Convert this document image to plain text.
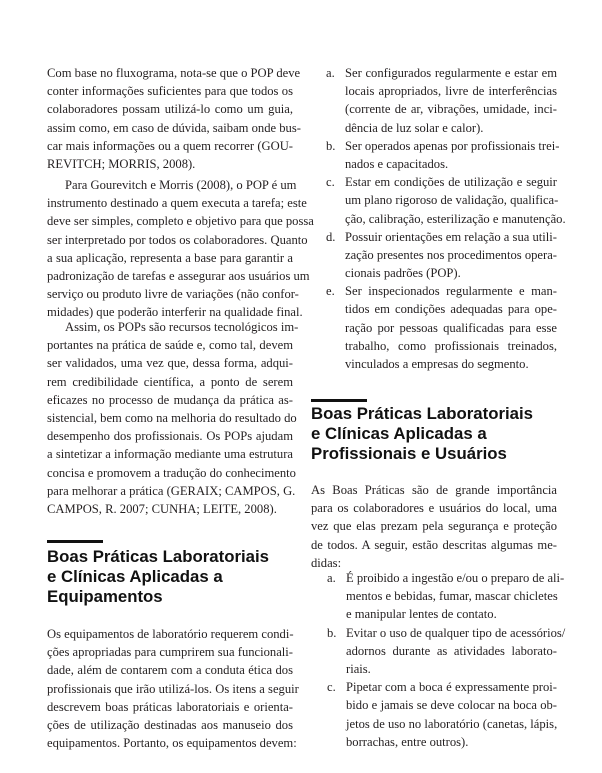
Com base no fluxograma, nota-se que o POP deve
conter informações suficientes para que todos os
colaboradores possam utilizá-lo como um guia,
assim como, em caso de dúvida, saibam onde bus-
car mais informações ou a quem recorrer (GOU-
REVITCH; MORRIS, 2008).
Para Gourevitch e Morris (2008), o POP é um
instrumento destinado a quem executa a tarefa; este
deve ser simples, completo e objetivo para que possa
ser interpretado por todos os colaboradores. Quanto
a sua aplicação, representa a base para garantir a
padronização de tarefas e assegurar aos usuários um
serviço ou produto livre de variações (não confor-
midades) que poderão interferir na qualidade final.
Assim, os POPs são recursos tecnológicos im-
portantes na prática de saúde e, como tal, devem
ser validados, uma vez que, dessa forma, adqui-
rem credibilidade científica, a ponto de serem
eficazes no processo de mudança da prática as-
sistencial, bem como na melhoria do resultado do
desempenho dos profissionais. Os POPs ajudam
a sintetizar a informação mediante uma estrutura
concisa e promovem a tradução do conhecimento
para melhorar a prática (GERAIX; CAMPOS, G.
CAMPOS, R. 2007; CUNHA; LEITE, 2008).
Boas Práticas Laboratoriais
e Clínicas Aplicadas a
Equipamentos
Os equipamentos de laboratório requerem condi-
ções apropriadas para cumprirem sua funcionali-
dade, além de contarem com a conduta ética dos
profissionais que irão utilizá-los. Os itens a seguir
descrevem boas práticas laboratoriais e orienta-
ções de utilização destinadas aos manuseio dos
equipamentos. Portanto, os equipamentos devem:
a. Ser configurados regularmente e estar em
locais apropriados, livre de interferências
(corrente de ar, vibrações, umidade, inci-
dência de luz solar e calor).
b. Ser operados apenas por profissionais trei-
nados e capacitados.
c. Estar em condições de utilização e seguir
um plano rigoroso de validação, qualifica-
ção, calibração, esterilização e manutenção.
d. Possuir orientações em relação a sua utili-
zação presentes nos procedimentos opera-
cionais padrões (POP).
e. Ser inspecionados regularmente e man-
tidos em condições adequadas para ope-
ração por pessoas qualificadas para esse
trabalho, como profissionais treinados,
vinculados a empresas do segmento.
Boas Práticas Laboratoriais
e Clínicas Aplicadas a
Profissionais e Usuários
As Boas Práticas são de grande importância
para os colaboradores e usuários do local, uma
vez que elas prezam pela segurança e proteção
de todos. A seguir, estão descritas algumas me-
didas:
a. É proibido a ingestão e/ou o preparo de ali-
mentos e bebidas, fumar, mascar chicletes
e manipular lentes de contato.
b. Evitar o uso de qualquer tipo de acessórios/
adornos durante as atividades laborato-
riais.
c. Pipetar com a boca é expressamente proi-
bido e jamais se deve colocar na boca ob-
jetos de uso no laboratório (canetas, lápis,
borrachas, entre outros).
